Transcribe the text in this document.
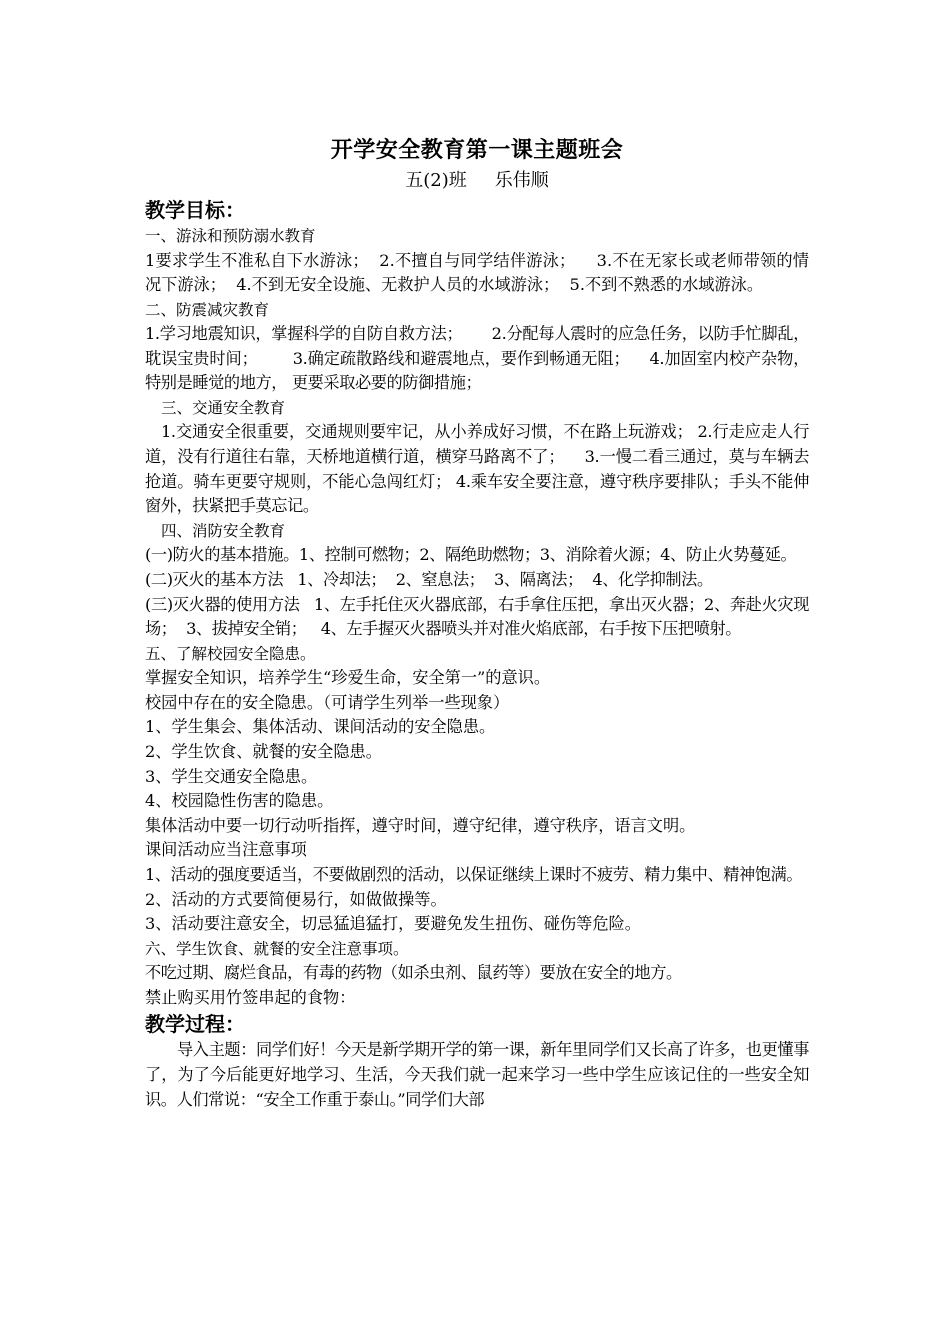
开学安全教育第一课主题班会

五(2)班 乐伟顺

教学目标：

一、游泳和预防溺水教育

1要求学生不准私自下水游泳；  2.不擅自与同学结伴游泳；    3.不在无家长或老师带领的情况下游泳；  4.不到无安全设施、无救护人员的水域游泳；  5.不到不熟悉的水域游泳。

二、防震减灾教育

1.学习地震知识，掌握科学的自防自救方法；      2.分配每人震时的应急任务，以防手忙脚乱， 耽误宝贵时间；       3.确定疏散路线和避震地点，要作到畅通无阻；    4.加固室内校产杂物，特别是睡觉的地方， 更要采取必要的防御措施；

三、交通安全教育

1.交通安全很重要，交通规则要牢记，从小养成好习惯，不在路上玩游戏； 2.行走应走人行道，没有行道往右靠，天桥地道横行道，横穿马路离不了；    3.一慢二看三通过，莫与车辆去抢道。骑车更要守规则，不能心急闯红灯； 4.乘车安全要注意，遵守秩序要排队；手头不能伸窗外，扶紧把手莫忘记。

四、消防安全教育

(一)防火的基本措施。1、控制可燃物；2、隔绝助燃物；3、消除着火源；4、防止火势蔓延。

(二)灭火的基本方法   1、冷却法；  2、窒息法；  3、隔离法；  4、化学抑制法。

(三)灭火器的使用方法   1、左手托住灭火器底部，右手拿住压把，拿出灭火器；2、奔赴火灾现场；  3、拔掉安全销；   4、左手握灭火器喷头并对准火焰底部，右手按下压把喷射。

五、了解校园安全隐患。

掌握安全知识，培养学生“珍爱生命，安全第一”的意识。

校园中存在的安全隐患。（可请学生列举一些现象）

1、学生集会、集体活动、课间活动的安全隐患。

2、学生饮食、就餐的安全隐患。

3、学生交通安全隐患。

4、校园隐性伤害的隐患。

集体活动中要一切行动听指挥，遵守时间，遵守纪律，遵守秩序，语言文明。

课间活动应当注意事项

1、活动的强度要适当，不要做剧烈的活动，以保证继续上课时不疲劳、精力集中、精神饱满。

2、活动的方式要简便易行，如做做操等。

3、活动要注意安全，切忌猛追猛打，要避免发生扭伤、碰伤等危险。

六、学生饮食、就餐的安全注意事项。

不吃过期、腐烂食品，有毒的药物（如杀虫剂、鼠药等）要放在安全的地方。

禁止购买用竹签串起的食物：

教学过程：

导入主题：同学们好！今天是新学期开学的第一课，新年里同学们又长高了许多，也更懂事了，为了今后能更好地学习、生活，今天我们就一起来学习一些中学生应该记住的一些安全知识。人们常说：“安全工作重于泰山。”同学们大部
